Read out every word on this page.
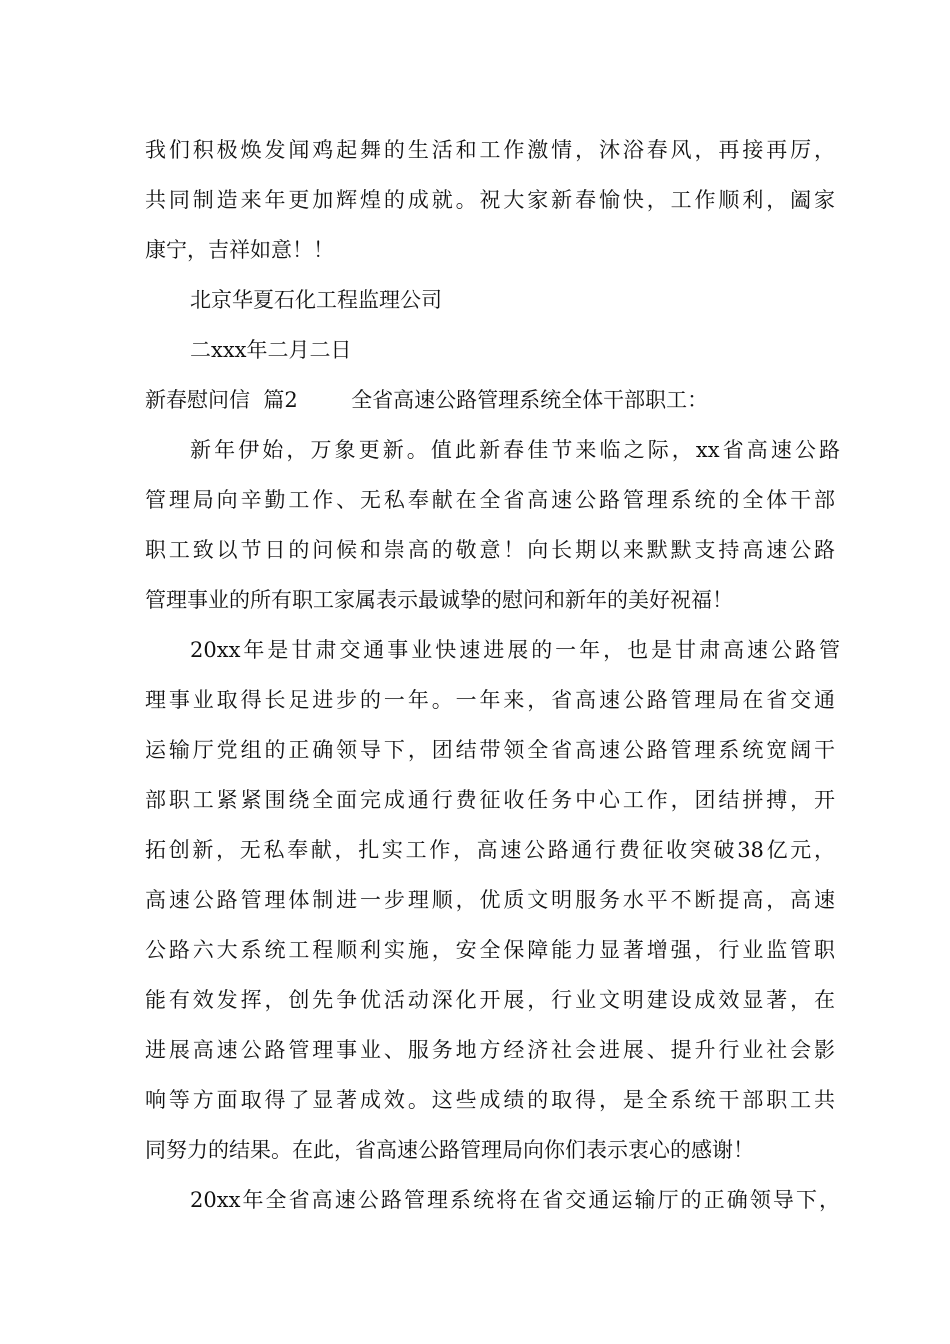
我们积极焕发闻鸡起舞的生活和工作激情，沐浴春风，再接再厉，
共同制造来年更加辉煌的成就。祝大家新春愉快，工作顺利，阖家
康宁，吉祥如意！！
北京华夏石化工程监理公司
二xxx年二月二日
新春慰问信  篇2        全省高速公路管理系统全体干部职工：
新年伊始，万象更新。值此新春佳节来临之际，xx省高速公路
管理局向辛勤工作、无私奉献在全省高速公路管理系统的全体干部
职工致以节日的问候和崇高的敬意！向长期以来默默支持高速公路
管理事业的所有职工家属表示最诚挚的慰问和新年的美好祝福！
20xx年是甘肃交通事业快速进展的一年，也是甘肃高速公路管
理事业取得长足进步的一年。一年来，省高速公路管理局在省交通
运输厅党组的正确领导下，团结带领全省高速公路管理系统宽阔干
部职工紧紧围绕全面完成通行费征收任务中心工作，团结拼搏，开
拓创新，无私奉献，扎实工作，高速公路通行费征收突破38亿元，
高速公路管理体制进一步理顺，优质文明服务水平不断提高，高速
公路六大系统工程顺利实施，安全保障能力显著增强，行业监管职
能有效发挥，创先争优活动深化开展，行业文明建设成效显著，在
进展高速公路管理事业、服务地方经济社会进展、提升行业社会影
响等方面取得了显著成效。这些成绩的取得，是全系统干部职工共
同努力的结果。在此，省高速公路管理局向你们表示衷心的感谢！
20xx年全省高速公路管理系统将在省交通运输厅的正确领导下，
